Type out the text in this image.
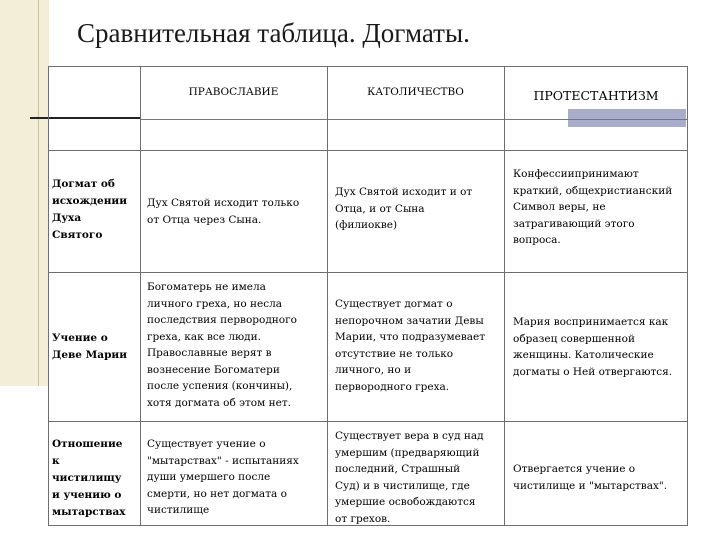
Сравнительная таблица. Догматы.
ПРАВОСЛАВИЕ	КАТОЛИЧЕСТВО	ПРОТЕСТАНТИЗМ
Догмат об
исхождении
Духа
Святого
Дух Святой исходит только
от Отца через Сына.
Дух Святой исходит и от
Отца, и от Сына
(филиокве)
Конфессиипринимают
краткий, общехристианский
Символ веры, не
затрагивающий этого
вопроса.
Учение о
Деве Марии
Богоматерь не имела
личного греха, но несла
последствия первородного
греха, как все люди.
Православные верят в
вознесение Богоматери
после успения (кончины),
хотя догмата об этом нет.
Существует догмат о
непорочном зачатии Девы
Марии, что подразумевает
отсутствие не только
личного, но и
первородного греха.
Мария воспринимается как
образец совершенной
женщины. Католические
догматы о Ней отвергаются.
Отношение
к
чистилищу
и учению о
мытарствах
Существует учение о
"мытарствах" - испытаниях
души умершего после
смерти, но нет догмата о
чистилище
Существует вера в суд над
умершим (предваряющий
последний, Страшный
Суд) и в чистилище, где
умершие освобождаются
от грехов.
Отвергается учение о
чистилище и "мытарствах".
